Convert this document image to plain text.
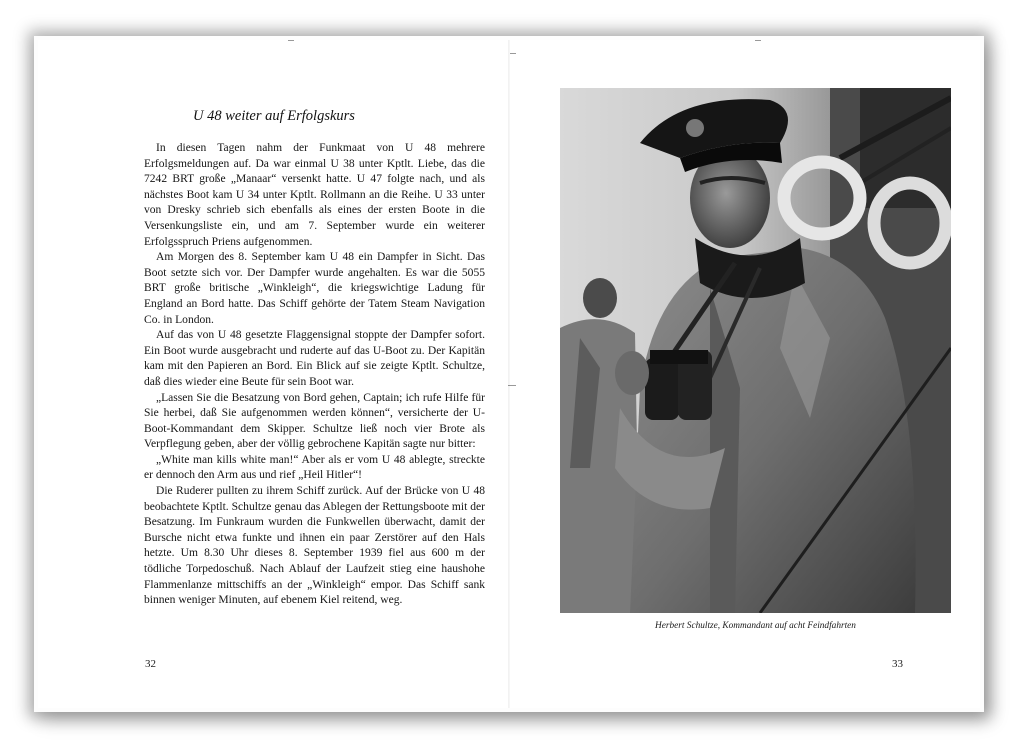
U 48 weiter auf Erfolgskurs

In diesen Tagen nahm der Funkmaat von U 48 mehrere Erfolgsmeldungen auf. Da war einmal U 38 unter Kptlt. Liebe, das die 7242 BRT große „Manaar“ versenkt hatte. U 47 folgte nach, und als nächstes Boot kam U 34 unter Kptlt. Rollmann an die Reihe. U 33 unter von Dresky schrieb sich ebenfalls als eines der ersten Boote in die Versenkungsliste ein, und am 7. September wurde ein weiterer Erfolgsspruch Priens aufgenommen.

Am Morgen des 8. September kam U 48 ein Dampfer in Sicht. Das Boot setzte sich vor. Der Dampfer wurde angehalten. Es war die 5055 BRT große britische „Winkleigh“, die kriegswichtige Ladung für England an Bord hatte. Das Schiff gehörte der Tatem Steam Navigation Co. in London.

Auf das von U 48 gesetzte Flaggensignal stoppte der Dampfer sofort. Ein Boot wurde ausgebracht und ruderte auf das U-Boot zu. Der Kapitän kam mit den Papieren an Bord. Ein Blick auf sie zeigte Kptlt. Schultze, daß dies wieder eine Beute für sein Boot war.

„Lassen Sie die Besatzung von Bord gehen, Captain; ich rufe Hilfe für Sie herbei, daß Sie aufgenommen werden können“, versicherte der U-Boot-Kommandant dem Skipper. Schultze ließ noch vier Brote als Verpflegung geben, aber der völlig gebrochene Kapitän sagte nur bitter:

„White man kills white man!“ Aber als er vom U 48 ablegte, streckte er dennoch den Arm aus und rief „Heil Hitler“!

Die Ruderer pullten zu ihrem Schiff zurück. Auf der Brücke von U 48 beobachtete Kptlt. Schultze genau das Ablegen der Rettungsboote mit der Besatzung. Im Funkraum wurden die Funkwellen überwacht, damit der Bursche nicht etwa funkte und ihnen ein paar Zerstörer auf den Hals hetzte. Um 8.30 Uhr dieses 8. September 1939 fiel aus 600 m der tödliche Torpedoschuß. Nach Ablauf der Laufzeit stieg eine haushohe Flammenlanze mittschiffs an der „Winkleigh“ empor. Das Schiff sank binnen weniger Minuten, auf ebenem Kiel reitend, weg.

32
Herbert Schultze, Kommandant auf acht Feindfahrten
33
